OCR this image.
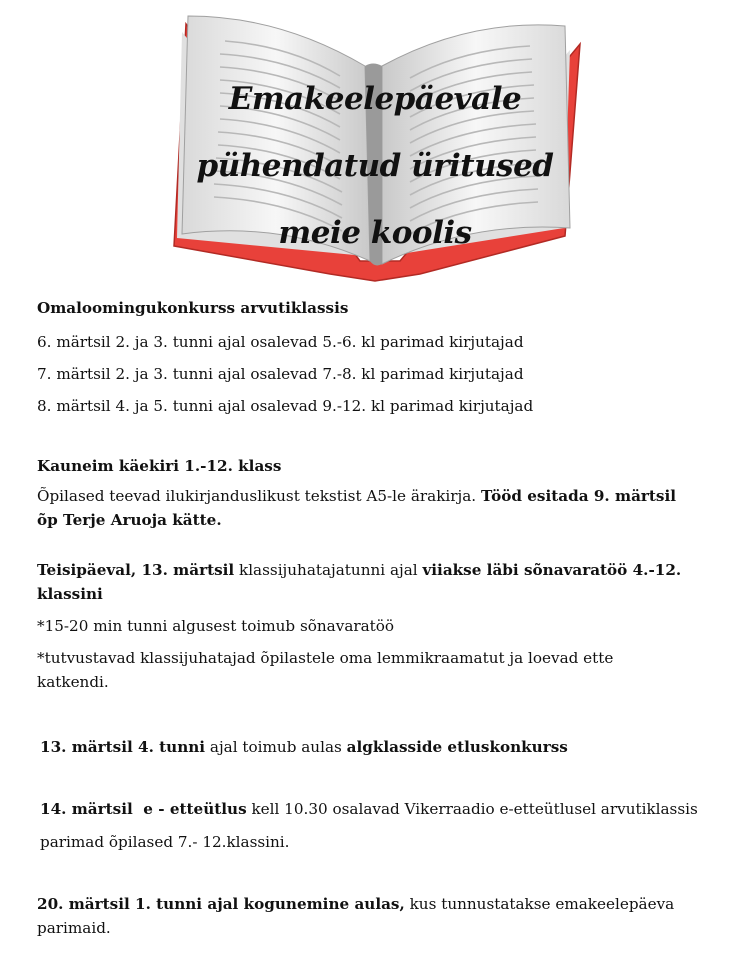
Emakeelepäevale
pühendatud üritused
meie koolis

Omaloomingukonkurss arvutiklassis
6. märtsil 2. ja 3. tunni ajal osalevad 5.-6. kl parimad kirjutajad
7. märtsil 2. ja 3. tunni ajal osalevad 7.-8. kl parimad kirjutajad
8. märtsil 4. ja 5. tunni ajal osalevad 9.-12. kl parimad kirjutajad

Kauneim käekiri 1.-12. klass
Õpilased teevad ilukirjanduslikust tekstist A5-le ärakirja. Tööd esitada 9. märtsil
õp Terje Aruoja kätte.

Teisipäeval, 13. märtsil klassijuhatajatunni ajal viiakse läbi sõnavaratöö 4.-12.
klassini
*15-20 min tunni algusest toimub sõnavaratöö
*tutvustavad klassijuhatajad õpilastele oma lemmikraamatut ja loevad ette
katkendi.

13. märtsil 4. tunni ajal toimub aulas algklasside etluskonkurss

14. märtsil  e - etteütlus kell 10.30 osalavad Vikerraadio e-etteütlusel arvutiklassis
parimad õpilased 7.- 12.klassini.

20. märtsil 1. tunni ajal kogunemine aulas, kus tunnustatakse emakeelepäeva
parimaid.
